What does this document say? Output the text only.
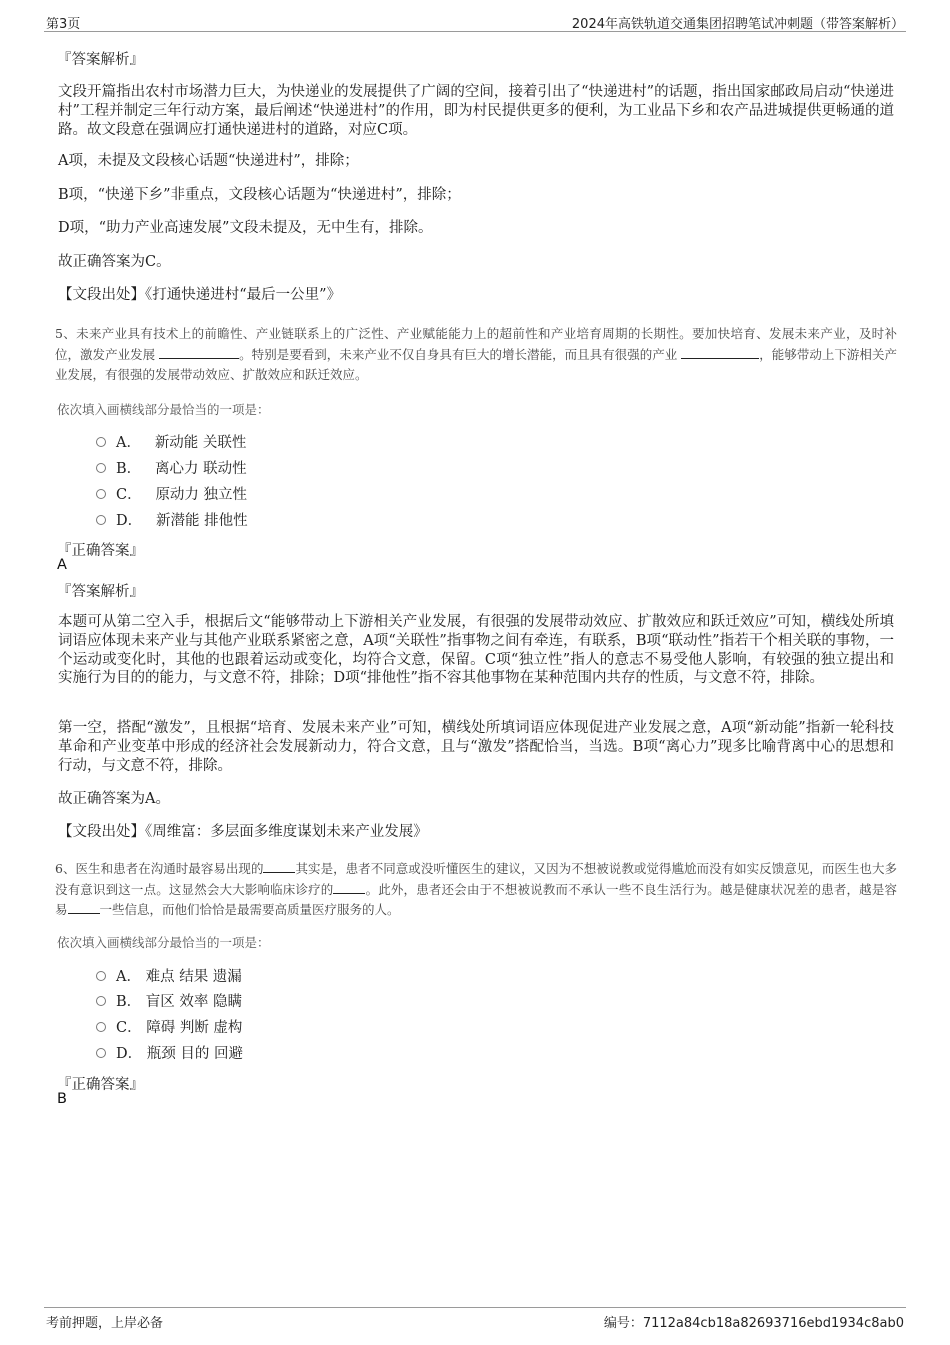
第3页	2024年高铁轨道交通集团招聘笔试冲刺题（带答案解析）
『答案解析』
文段开篇指出农村市场潜力巨大，为快递业的发展提供了广阔的空间，接着引出了“快递进村”的话题，指出国家邮政局启动“快递进村”工程并制定三年行动方案，最后阐述“快递进村”的作用，即为村民提供更多的便利，为工业品下乡和农产品进城提供更畅通的道路。故文段意在强调应打通快递进村的道路，对应C项。
A项，未提及文段核心话题“快递进村”，排除；
B项，“快递下乡”非重点，文段核心话题为“快递进村”，排除；
D项，“助力产业高速发展”文段未提及，无中生有，排除。
故正确答案为C。
【文段出处】《打通快递进村“最后一公里”》
5、未来产业具有技术上的前瞻性、产业链联系上的广泛性、产业赋能能力上的超前性和产业培育周期的长期性。要加快培育、发展未来产业，及时补位，激发产业发展	。特别是要看到，未来产业不仅自身具有巨大的增长潜能，而且具有很强的产业	，能够带动上下游相关产业发展，有很强的发展带动效应、扩散效应和跃迁效应。
依次填入画横线部分最恰当的一项是：
A． 新动能 关联性
B． 离心力 联动性
C． 原动力 独立性
D． 新潜能 排他性
『正确答案』
A
『答案解析』
本题可从第二空入手，根据后文“能够带动上下游相关产业发展，有很强的发展带动效应、扩散效应和跃迁效应”可知，横线处所填词语应体现未来产业与其他产业联系紧密之意，A项“关联性”指事物之间有牵连，有联系，B项“联动性”指若干个相关联的事物，一个运动或变化时，其他的也跟着运动或变化，均符合文意，保留。C项“独立性”指人的意志不易受他人影响，有较强的独立提出和实施行为目的的能力，与文意不符，排除；D项“排他性”指不容其他事物在某种范围内共存的性质，与文意不符，排除。
第一空，搭配“激发”，且根据“培育、发展未来产业”可知，横线处所填词语应体现促进产业发展之意，A项“新动能”指新一轮科技革命和产业变革中形成的经济社会发展新动力，符合文意，且与“激发”搭配恰当，当选。B项“离心力”现多比喻背离中心的思想和行动，与文意不符，排除。
故正确答案为A。
【文段出处】《周维富：多层面多维度谋划未来产业发展》
6、医生和患者在沟通时最容易出现的	其实是，患者不同意或没听懂医生的建议，又因为不想被说教或觉得尴尬而没有如实反馈意见，而医生也大多没有意识到这一点。这显然会大大影响临床诊疗的	。此外，患者还会由于不想被说教而不承认一些不良生活行为。越是健康状况差的患者，越是容易	一些信息，而他们恰恰是最需要高质量医疗服务的人。
依次填入画横线部分最恰当的一项是：
A． 难点 结果 遗漏
B． 盲区 效率 隐瞒
C． 障碍 判断 虚构
D． 瓶颈 目的 回避
『正确答案』
B
考前押题，上岸必备	编号：7112a84cb18a82693716ebd1934c8ab0
